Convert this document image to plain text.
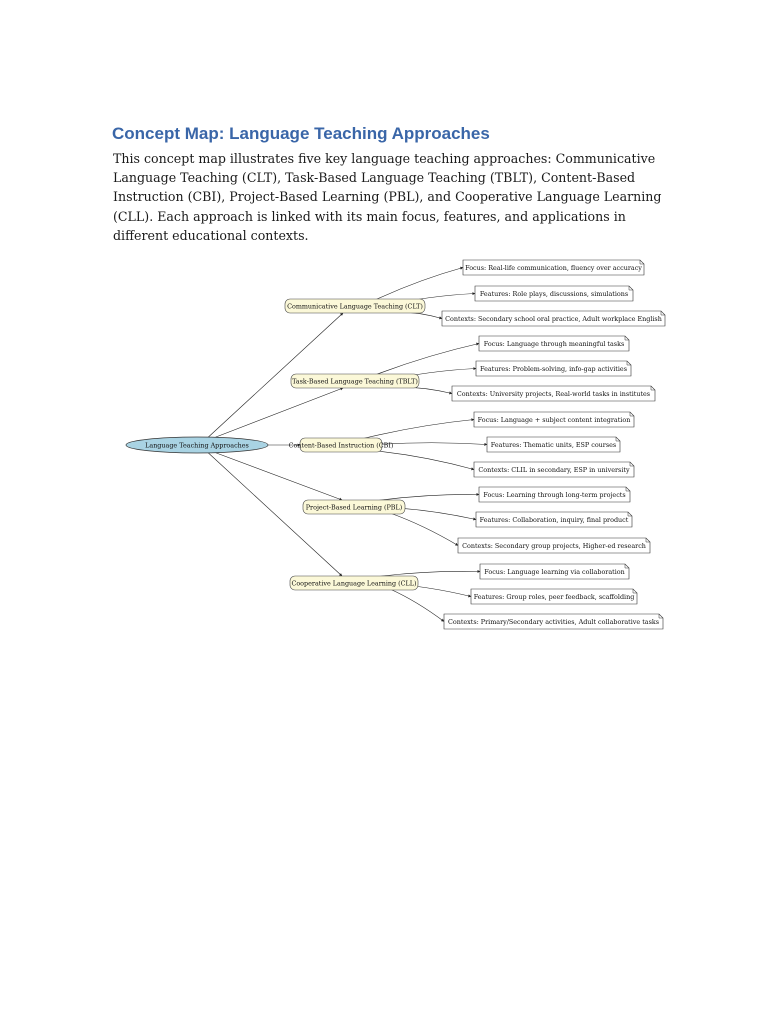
Concept Map: Language Teaching Approaches

This concept map illustrates five key language teaching approaches: Communicative Language Teaching (CLT), Task-Based Language Teaching (TBLT), Content-Based Instruction (CBI), Project-Based Learning (PBL), and Cooperative Language Learning (CLL). Each approach is linked with its main focus, features, and applications in different educational contexts.

Language Teaching Approaches
Communicative Language Teaching (CLT)
Focus: Real-life communication, fluency over accuracy
Features: Role plays, discussions, simulations
Contexts: Secondary school oral practice, Adult workplace English
Task-Based Language Teaching (TBLT)
Focus: Language through meaningful tasks
Features: Problem-solving, info-gap activities
Contexts: University projects, Real-world tasks in institutes
Content-Based Instruction (CBI)
Focus: Language + subject content integration
Features: Thematic units, ESP courses
Contexts: CLIL in secondary, ESP in university
Project-Based Learning (PBL)
Focus: Learning through long-term projects
Features: Collaboration, inquiry, final product
Contexts: Secondary group projects, Higher-ed research
Cooperative Language Learning (CLL)
Focus: Language learning via collaboration
Features: Group roles, peer feedback, scaffolding
Contexts: Primary/Secondary activities, Adult collaborative tasks
